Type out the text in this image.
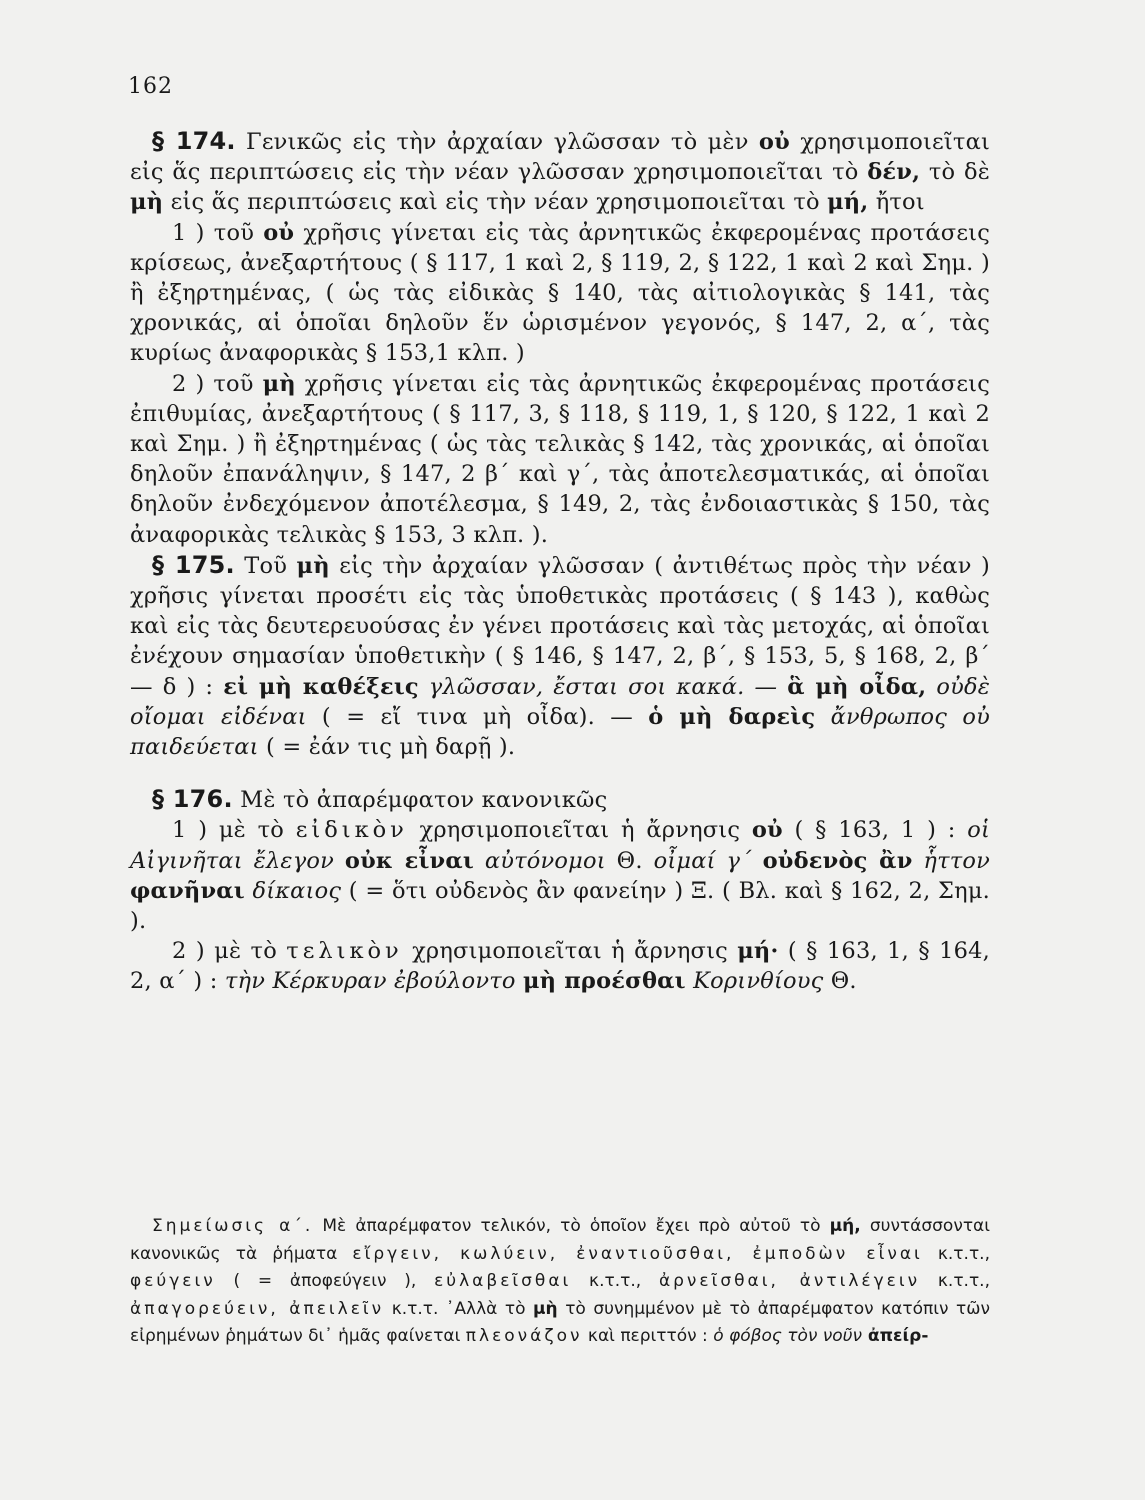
162

§ 174. Γενικῶς εἰς τὴν ἀρχαίαν γλῶσσαν τὸ μὲν οὐ χρησιμοποιεῖται εἰς ἅς περιπτώσεις εἰς τὴν νέαν γλῶσσαν χρησιμοποιεῖται τὸ δέν, τὸ δὲ μὴ εἰς ἅς περιπτώσεις καὶ εἰς τὴν νέαν χρησιμοποιεῖται τὸ μή, ἤτοι

1 ) τοῦ οὐ χρῆσις γίνεται εἰς τὰς ἀρνητικῶς ἐκφερομένας προτάσεις κρίσεως, ἀνεξαρτήτους ( § 117, 1 καὶ 2, § 119, 2, § 122, 1 καὶ 2 καὶ Σημ. ) ἢ ἐξηρτημένας, ( ὡς τὰς εἰδικὰς § 140, τὰς αἰτιολογικὰς § 141, τὰς χρονικάς, αἱ ὁποῖαι δηλοῦν ἕν ὡρισμένον γεγονός, § 147, 2, α΄, τὰς κυρίως ἀναφορικὰς § 153,1 κλπ. )

2 ) τοῦ μὴ χρῆσις γίνεται εἰς τὰς ἀρνητικῶς ἐκφερομένας προτάσεις ἐπιθυμίας, ἀνεξαρτήτους ( § 117, 3, § 118, § 119, 1, § 120, § 122, 1 καὶ 2 καὶ Σημ. ) ἢ ἐξηρτημένας ( ὡς τὰς τελικὰς § 142, τὰς χρονικάς, αἱ ὁποῖαι δηλοῦν ἐπανάληψιν, § 147, 2 β΄ καὶ γ΄, τὰς ἀποτελεσματικάς, αἱ ὁποῖαι δηλοῦν ἐνδεχόμενον ἀποτέλεσμα, § 149, 2, τὰς ἐνδοιαστικὰς § 150, τὰς ἀναφορικὰς τελικὰς § 153, 3 κλπ. ).

§ 175. Τοῦ μὴ εἰς τὴν ἀρχαίαν γλῶσσαν ( ἀντιθέτως πρὸς τὴν νέαν ) χρῆσις γίνεται προσέτι εἰς τὰς ὑποθετικὰς προτάσεις ( § 143 ), καθὼς καὶ εἰς τὰς δευτερευούσας ἐν γένει προτάσεις καὶ τὰς μετοχάς, αἱ ὁποῖαι ἐνέχουν σημασίαν ὑποθετικὴν ( § 146, § 147, 2, β΄, § 153, 5, § 168, 2, β΄ — δ ) : εἰ μὴ καθέξεις γλῶσσαν, ἔσται σοι κακά. — ἃ μὴ οἶδα, οὐδὲ οἴομαι εἰδέναι ( = εἴ τινα μὴ οἶδα). — ὁ μὴ δαρεὶς ἄνθρωπος οὐ παιδεύεται ( = ἐάν τις μὴ δαρῇ ).

§ 176. Μὲ τὸ ἀπαρέμφατον κανονικῶς

1 ) μὲ τὸ εἰδικὸν χρησιμοποιεῖται ἡ ἄρνησις οὐ ( § 163, 1 ) : οἱ Αἰγινῆται ἔλεγον οὐκ εἶναι αὐτόνομοι Θ. οἶμαί γ΄ οὐδενὸς ἂν ἧττον φανῆναι δίκαιος ( = ὅτι οὐδενὸς ἂν φανείην ) Ξ. ( Βλ. καὶ § 162, 2, Σημ. ).

2 ) μὲ τὸ τελικὸν χρησιμοποιεῖται ἡ ἄρνησις μή· ( § 163, 1, § 164, 2, α΄ ) : τὴν Κέρκυραν ἐβούλοντο μὴ προέσθαι Κορινθίους Θ.

Σημείωσις α΄. Μὲ ἀπαρέμφατον τελικόν, τὸ ὁποῖον ἔχει πρὸ αὐτοῦ τὸ μή, συντάσσονται κανονικῶς τὰ ῥήματα εἴργειν, κωλύειν, ἐναντιοῦσθαι, ἐμποδὼν εἶναι κ.τ.τ., φεύγειν ( = ἀποφεύγειν ), εὐλαβεῖσθαι κ.τ.τ., ἀρνεῖσθαι, ἀντιλέγειν κ.τ.τ., ἀπαγορεύειν, ἀπειλεῖν κ.τ.τ. ᾿Αλλὰ τὸ μὴ τὸ συνημμένον μὲ τὸ ἀπαρέμφατον κατόπιν τῶν εἰρημένων ῥημάτων δι᾿ ἡμᾶς φαίνεται πλεονάζον καὶ περιττόν : ὁ φόβος τὸν νοῦν ἀπείρ-
